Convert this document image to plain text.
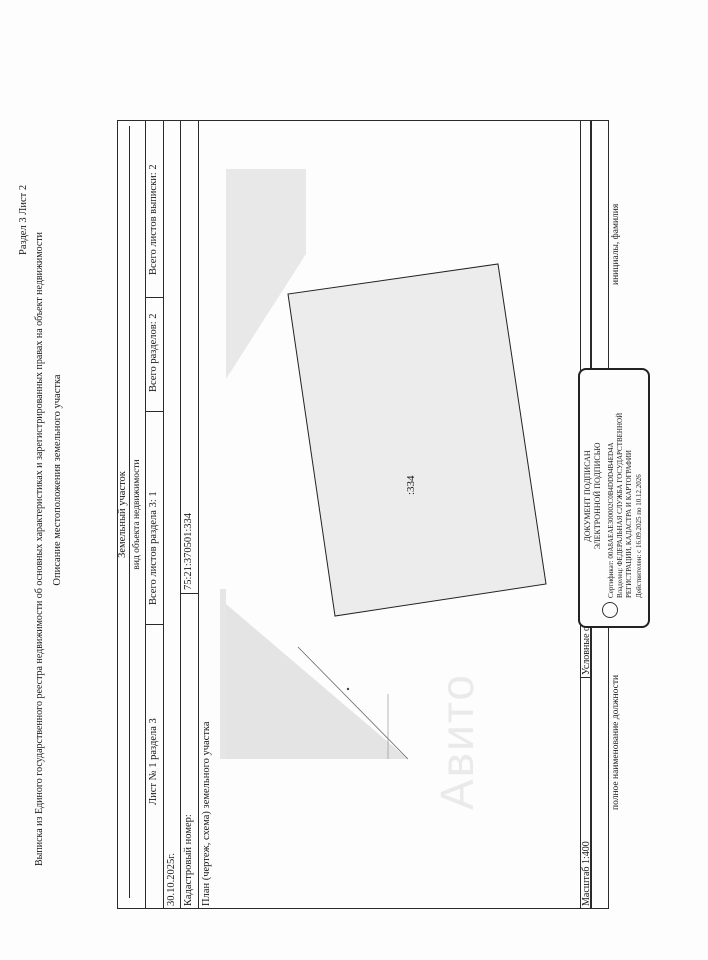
Раздел 3 Лист 2
Выписка из Единого государственного реестра недвижимости об основных характеристиках и зарегистрированных правах на объект недвижимости Описание местоположения земельного участка	Земельный участок вид объекта недвижимости
Лист № 1 раздела 3
Всего листов раздела 3: 1
Всего разделов: 2
Всего листов выписки: 2
30.10.2025г. Кадастровый номер:
75:21:370501:334
План (чертеж, схема) земельного участка
:334
Масштаб 1:400
полное наименование должности
инициалы, фамилия
ДОКУМЕНТ ПОДПИСАН ЭЛЕКТРОННОЙ ПОДПИСЬЮ Сертификат: 00А8АЕАЕ300002C0B4DDD4B4ED4A Владелец: ФЕДЕРАЛЬНАЯ СЛУЖБА ГОСУДАРСТВЕННОЙ РЕГИСТРАЦИИ, КАДАСТРА И КАРТОГРАФИИ Действителен: с 16.09.2025 по 10.12.2026
Авито
